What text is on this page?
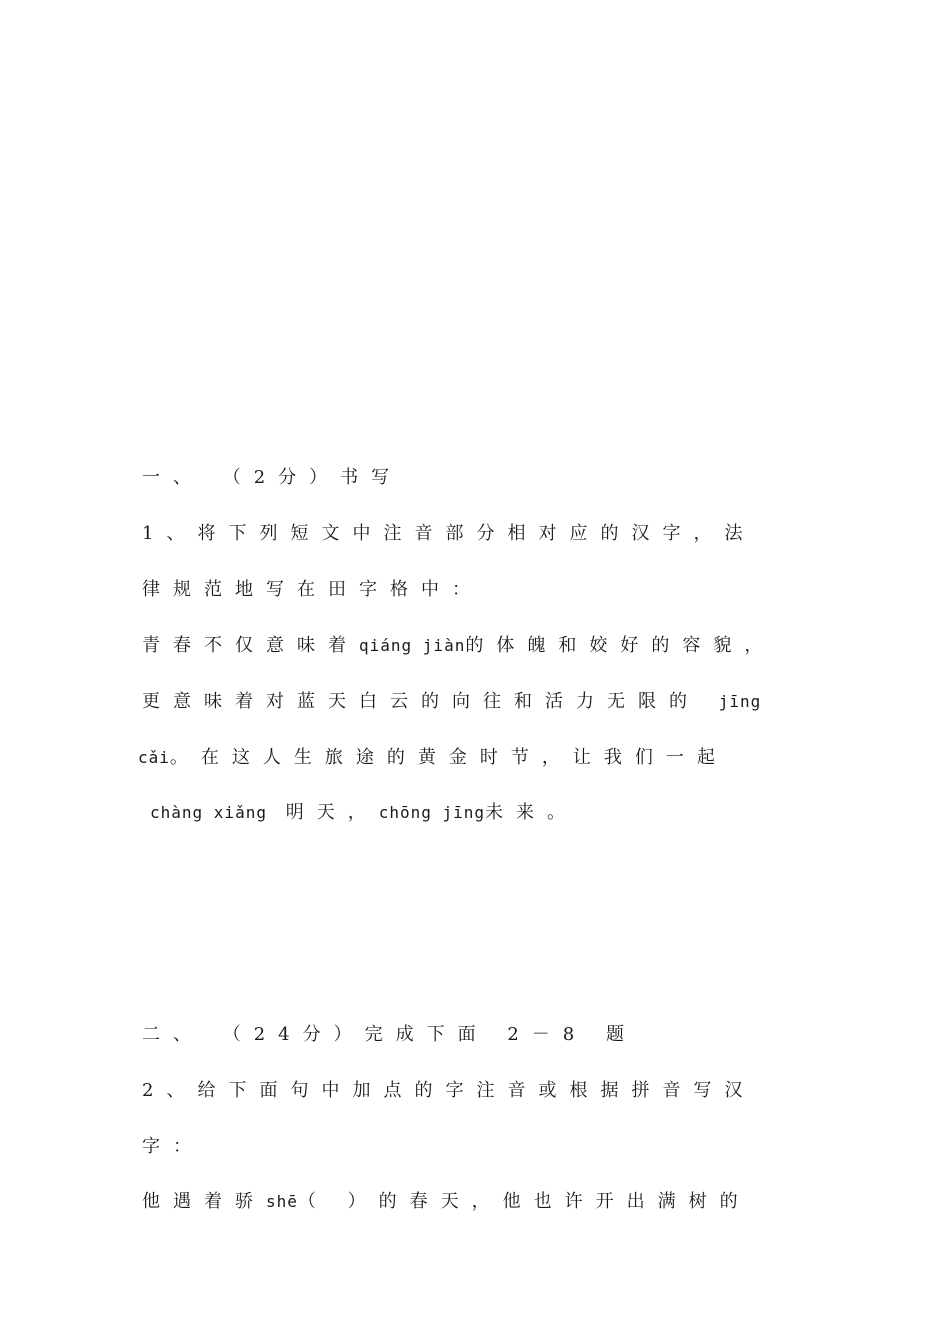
一、 （2分）书写
1、将下列短文中注音部分相对应的汉字，法
律规范地写在田字格中：
青春不仅意味着qiáng jiàn的体魄和姣好的容貌，
更意味着对蓝天白云的向往和活力无限的 jīng
cǎi。在这人生旅途的黄金时节，让我们一起
chàng xiǎng 明天，chōng jīng未来。
二、 （24分）完成下面 2－8 题
2、给下面句中加点的字注音或根据拼音写汉
字：
他遇着骄shē（ ）的春天，他也许开出满树的
